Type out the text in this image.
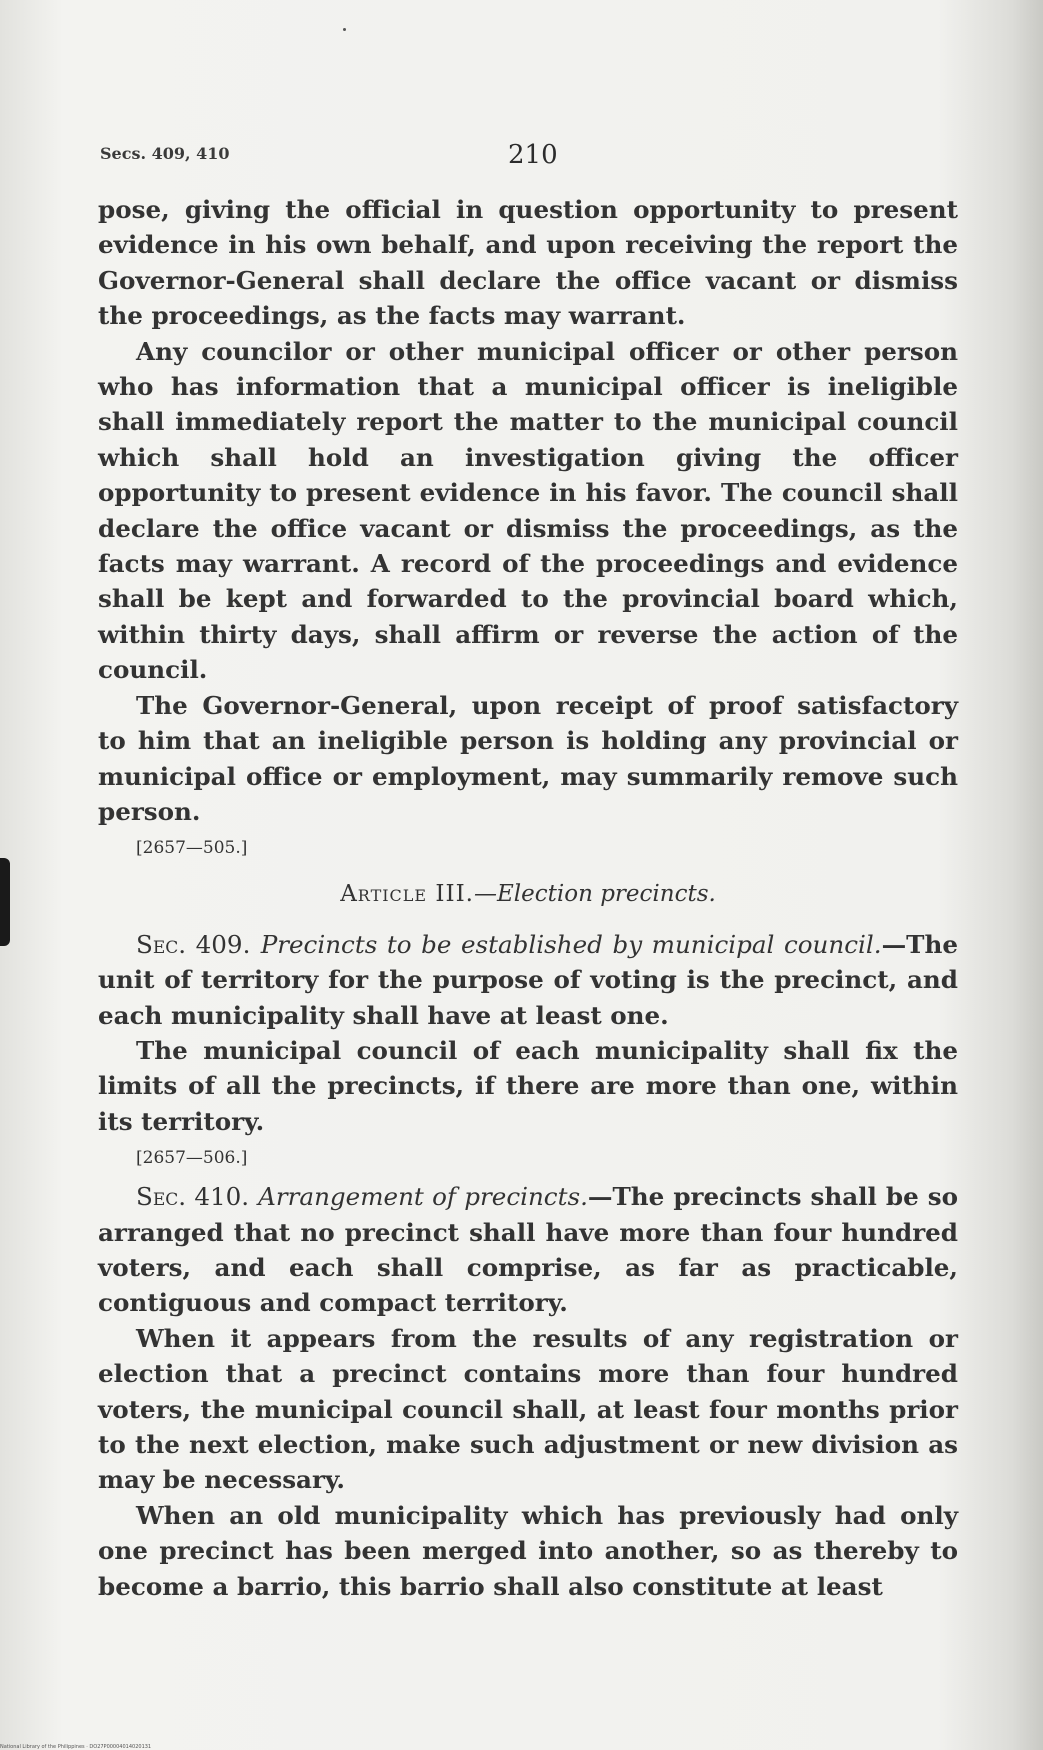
Secs. 409, 410	210

pose, giving the official in question opportunity to present evidence in his own behalf, and upon receiving the report the Governor-General shall declare the office vacant or dismiss the proceedings, as the facts may warrant.

Any councilor or other municipal officer or other person who has information that a municipal officer is ineligible shall immediately report the matter to the municipal council which shall hold an investigation giving the officer opportunity to present evidence in his favor. The council shall declare the office vacant or dismiss the proceedings, as the facts may warrant. A record of the proceedings and evidence shall be kept and forwarded to the provincial board which, within thirty days, shall affirm or reverse the action of the council.

The Governor-General, upon receipt of proof satisfactory to him that an ineligible person is holding any provincial or municipal office or employment, may summarily remove such person.

[2657—505.]
Article III.—Election precincts.

Sec. 409. Precincts to be established by municipal council.—The unit of territory for the purpose of voting is the precinct, and each municipality shall have at least one.

The municipal council of each municipality shall fix the limits of all the precincts, if there are more than one, within its territory.

[2657—506.]

Sec. 410. Arrangement of precincts.—The precincts shall be so arranged that no precinct shall have more than four hundred voters, and each shall comprise, as far as practicable, contiguous and compact territory.

When it appears from the results of any registration or election that a precinct contains more than four hundred voters, the municipal council shall, at least four months prior to the next election, make such adjustment or new division as may be necessary.

When an old municipality which has previously had only one precinct has been merged into another, so as thereby to become a barrio, this barrio shall also constitute at least

National Library of the Philippines · DO27P00004014020131
